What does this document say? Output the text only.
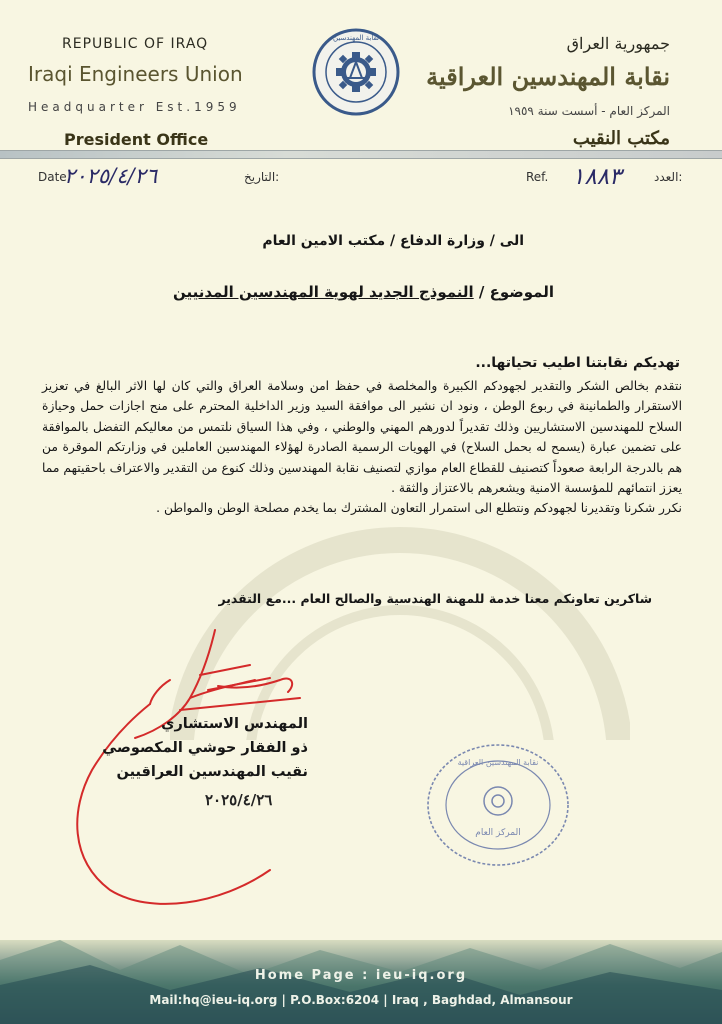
REPUBLIC OF IRAQ
Iraqi Engineers Union
Headquarter Est.1959
President Office
نقابة المهندسين	جمهورية العراق
نقابة المهندسين العراقية
المركز العام - أسست سنة ١٩٥٩
مكتب النقيب
Date.
٢٠٢٥/٤/٢٦	التاريخ:	Ref. ١٨٨٣	العدد:
الى / وزارة الدفاع / مكتب الامين العام
الموضوع / النموذج الجديد لهوية المهندسين المدنيين
تهديكم نقابتنا اطيب تحياتها...

نتقدم بخالص الشكر والتقدير لجهودكم الكبيرة والمخلصة في حفظ امن وسلامة العراق والتي كان لها الاثر البالغ في تعزيز الاستقرار والطمانينة في ربوع الوطن ، ونود ان نشير الى موافقة السيد وزير الداخلية المحترم على منح اجازات حمل وحيازة السلاح للمهندسين الاستشاريين وذلك تقديراً لدورهم المهني والوطني ، وفي هذا السياق نلتمس من معاليكم التفضل بالموافقة على تضمين عبارة (يسمح له بحمل السلاح) في الهويات الرسمية الصادرة لهؤلاء المهندسين العاملين في وزارتكم الموقرة من هم بالدرجة الرابعة صعوداً كتصنيف للقطاع العام موازي لتصنيف نقابة المهندسين وذلك كنوع من التقدير والاعتراف باحقيتهم مما يعزز انتمائهم للمؤسسة الامنية ويشعرهم بالاعتزاز والثقة .

نكرر شكرنا وتقديرنا لجهودكم ونتطلع الى استمرار التعاون المشترك بما يخدم مصلحة الوطن والمواطن .

شاكرين تعاونكم معنا خدمة للمهنة الهندسية والصالح العام ...مع التقدير
المهندس الاستشاري
ذو الفقار حوشي المكصوصي
نقيب المهندسين العراقيين
٢٠٢٥/٤/٢٦
نقابة المهندسين العراقية
المركز العام
Home Page : ieu-iq.org
Mail:hq@ieu-iq.org | P.O.Box:6204 | Iraq , Baghdad, Almansour
